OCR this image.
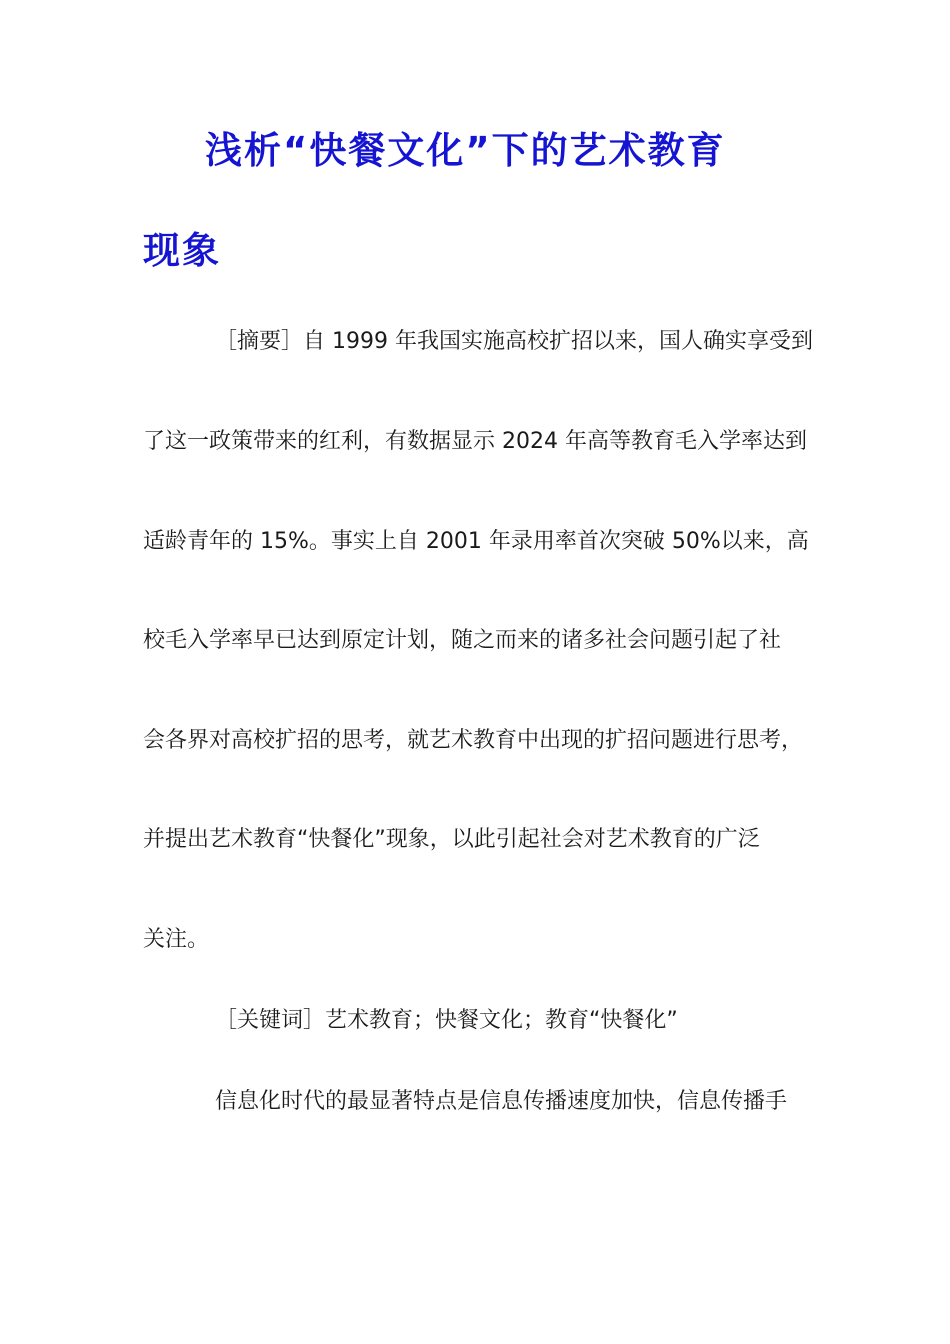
浅析“快餐文化”下的艺术教育
现象
［摘要］自 1999 年我国实施高校扩招以来，国人确实享受到
了这一政策带来的红利，有数据显示 2024 年高等教育毛入学率达到
适龄青年的 15%。事实上自 2001 年录用率首次突破 50%以来，高
校毛入学率早已达到原定计划，随之而来的诸多社会问题引起了社
会各界对高校扩招的思考，就艺术教育中出现的扩招问题进行思考，
并提出艺术教育“快餐化”现象，以此引起社会对艺术教育的广泛
关注。
［关键词］艺术教育；快餐文化；教育“快餐化”
信息化时代的最显著特点是信息传播速度加快，信息传播手
